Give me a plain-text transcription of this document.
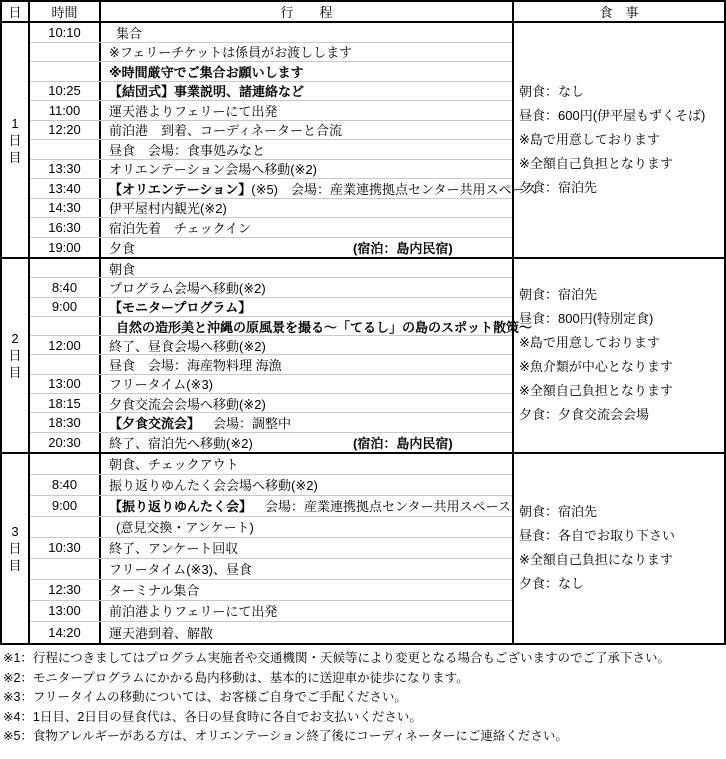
日	時間	行　　程	食　事
1
日
目
10:10	集合
※フェリーチケットは係員がお渡しします
※時間厳守でご集合お願いします
10:25	【結団式】事業説明、諸連絡など
11:00	運天港よりフェリーにて出発
12:20	前泊港　到着、コーディネーターと合流
昼食　会場：食事処みなと
13:30	オリエンテーション会場へ移動(※2)
13:40	【オリエンテーション】 (※5)　会場：産業連携拠点センター共用スペース
14:30	伊平屋村内観光(※2)
16:30	宿泊先着　チェックイン
19:00	夕食	(宿泊：島内民宿)
朝食：なし
昼食：600円(伊平屋もずくそば)
※島で用意しております
※全額自己負担となります
夕食：宿泊先
2
日
目
朝食
8:40	プログラム会場へ移動(※2)
9:00	【モニタープログラム】
自然の造形美と沖縄の原風景を撮る～「てるし」の島のスポット散策～
12:00	終了、昼食会場へ移動(※2)
昼食　会場：海産物料理 海漁
13:00	フリータイム(※3)
18:15	夕食交流会会場へ移動(※2)
18:30	【夕食交流会】 　会場：調整中
20:30	終了、宿泊先へ移動(※2)	(宿泊：島内民宿)
朝食：宿泊先
昼食：800円(特別定食)
※島で用意しております
※魚介類が中心となります
※全額自己負担となります
夕食：夕食交流会会場
3
日
目
朝食、チェックアウト
8:40	振り返りゆんたく会会場へ移動(※2)
9:00	【振り返りゆんたく会】 　会場：産業連携拠点センター共用スペース
(意見交換・アンケート)
10:30	終了、アンケート回収
フリータイム(※3)、昼食
12:30	ターミナル集合
13:00	前泊港よりフェリーにて出発
14:20	運天港到着、解散
朝食：宿泊先
昼食：各自でお取り下さい
※全額自己負担になります
夕食：なし
※1：行程につきましてはプログラム実施者や交通機関・天候等により変更となる場合もございますのでご了承下さい。
※2：モニタープログラムにかかる島内移動は、基本的に送迎車か徒歩になります。
※3：フリータイムの移動については、お客様ご自身でご手配ください。
※4：1日目、2日目の昼食代は、各日の昼食時に各自でお支払いください。
※5：食物アレルギーがある方は、オリエンテーション終了後にコーディネーターにご連絡ください。
